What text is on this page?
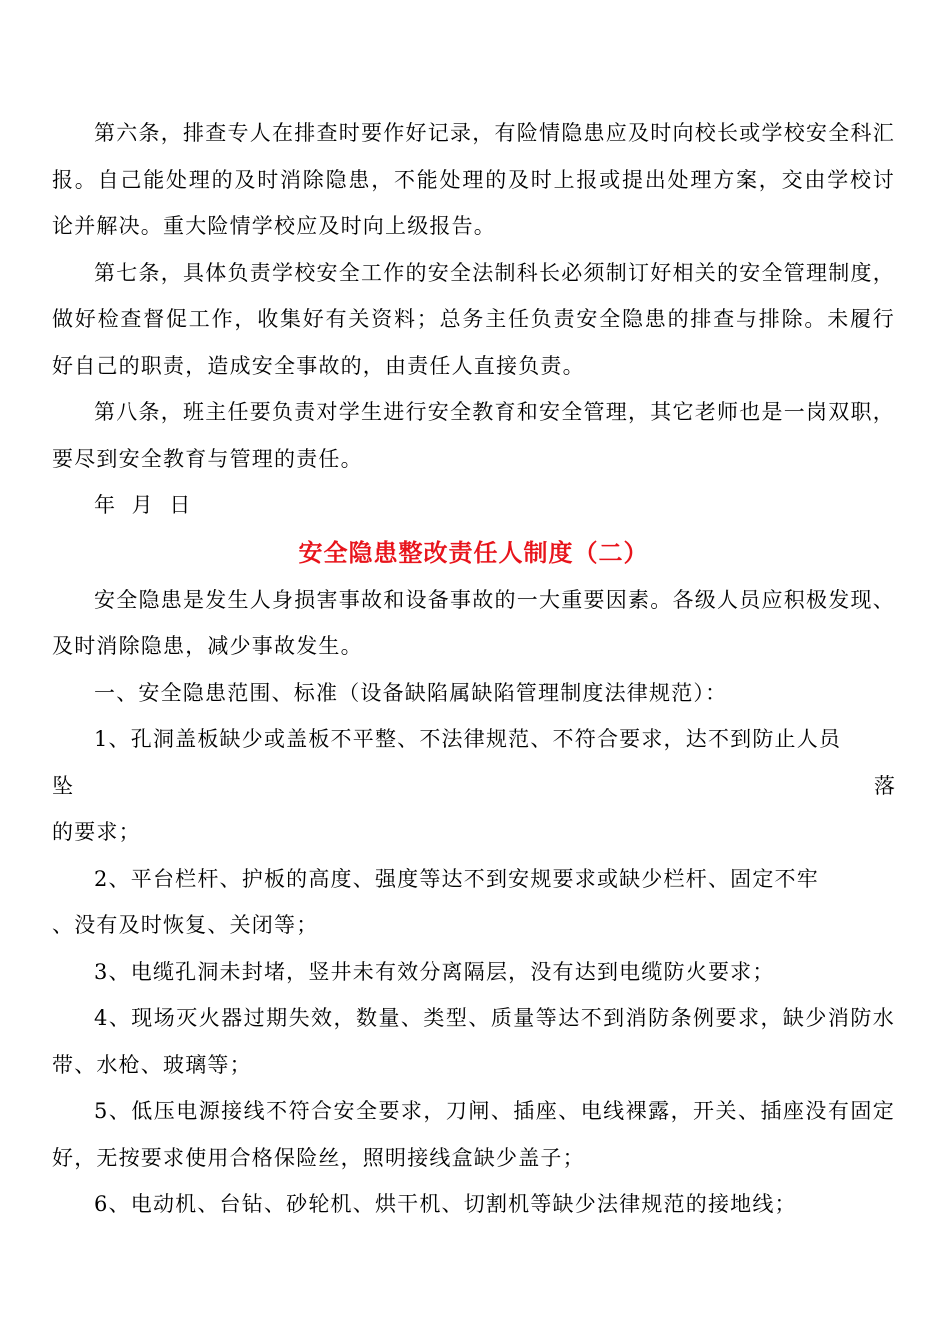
第六条，排查专人在排查时要作好记录，有险情隐患应及时向校长或学校安全科汇报。自己能处理的及时消除隐患，不能处理的及时上报或提出处理方案，交由学校讨论并解决。重大险情学校应及时向上级报告。

第七条，具体负责学校安全工作的安全法制科长必须制订好相关的安全管理制度，做好检查督促工作，收集好有关资料；总务主任负责安全隐患的排查与排除。未履行好自己的职责，造成安全事故的，由责任人直接负责。

第八条，班主任要负责对学生进行安全教育和安全管理，其它老师也是一岗双职，要尽到安全教育与管理的责任。

年 月 日

安全隐患整改责任人制度（二）

安全隐患是发生人身损害事故和设备事故的一大重要因素。各级人员应积极发现、及时消除隐患，减少事故发生。

一、安全隐患范围、标准（设备缺陷属缺陷管理制度法律规范）：

1、孔洞盖板缺少或盖板不平整、不法律规范、不符合要求，达不到防止人员

坠	落

的要求；

2、平台栏杆、护板的高度、强度等达不到安规要求或缺少栏杆、固定不牢

、没有及时恢复、关闭等；

3、电缆孔洞未封堵，竖井未有效分离隔层，没有达到电缆防火要求；

4、现场灭火器过期失效，数量、类型、质量等达不到消防条例要求，缺少消防水带、水枪、玻璃等；

5、低压电源接线不符合安全要求，刀闸、插座、电线裸露，开关、插座没有固定好，无按要求使用合格保险丝，照明接线盒缺少盖子；

6、电动机、台钻、砂轮机、烘干机、切割机等缺少法律规范的接地线；
